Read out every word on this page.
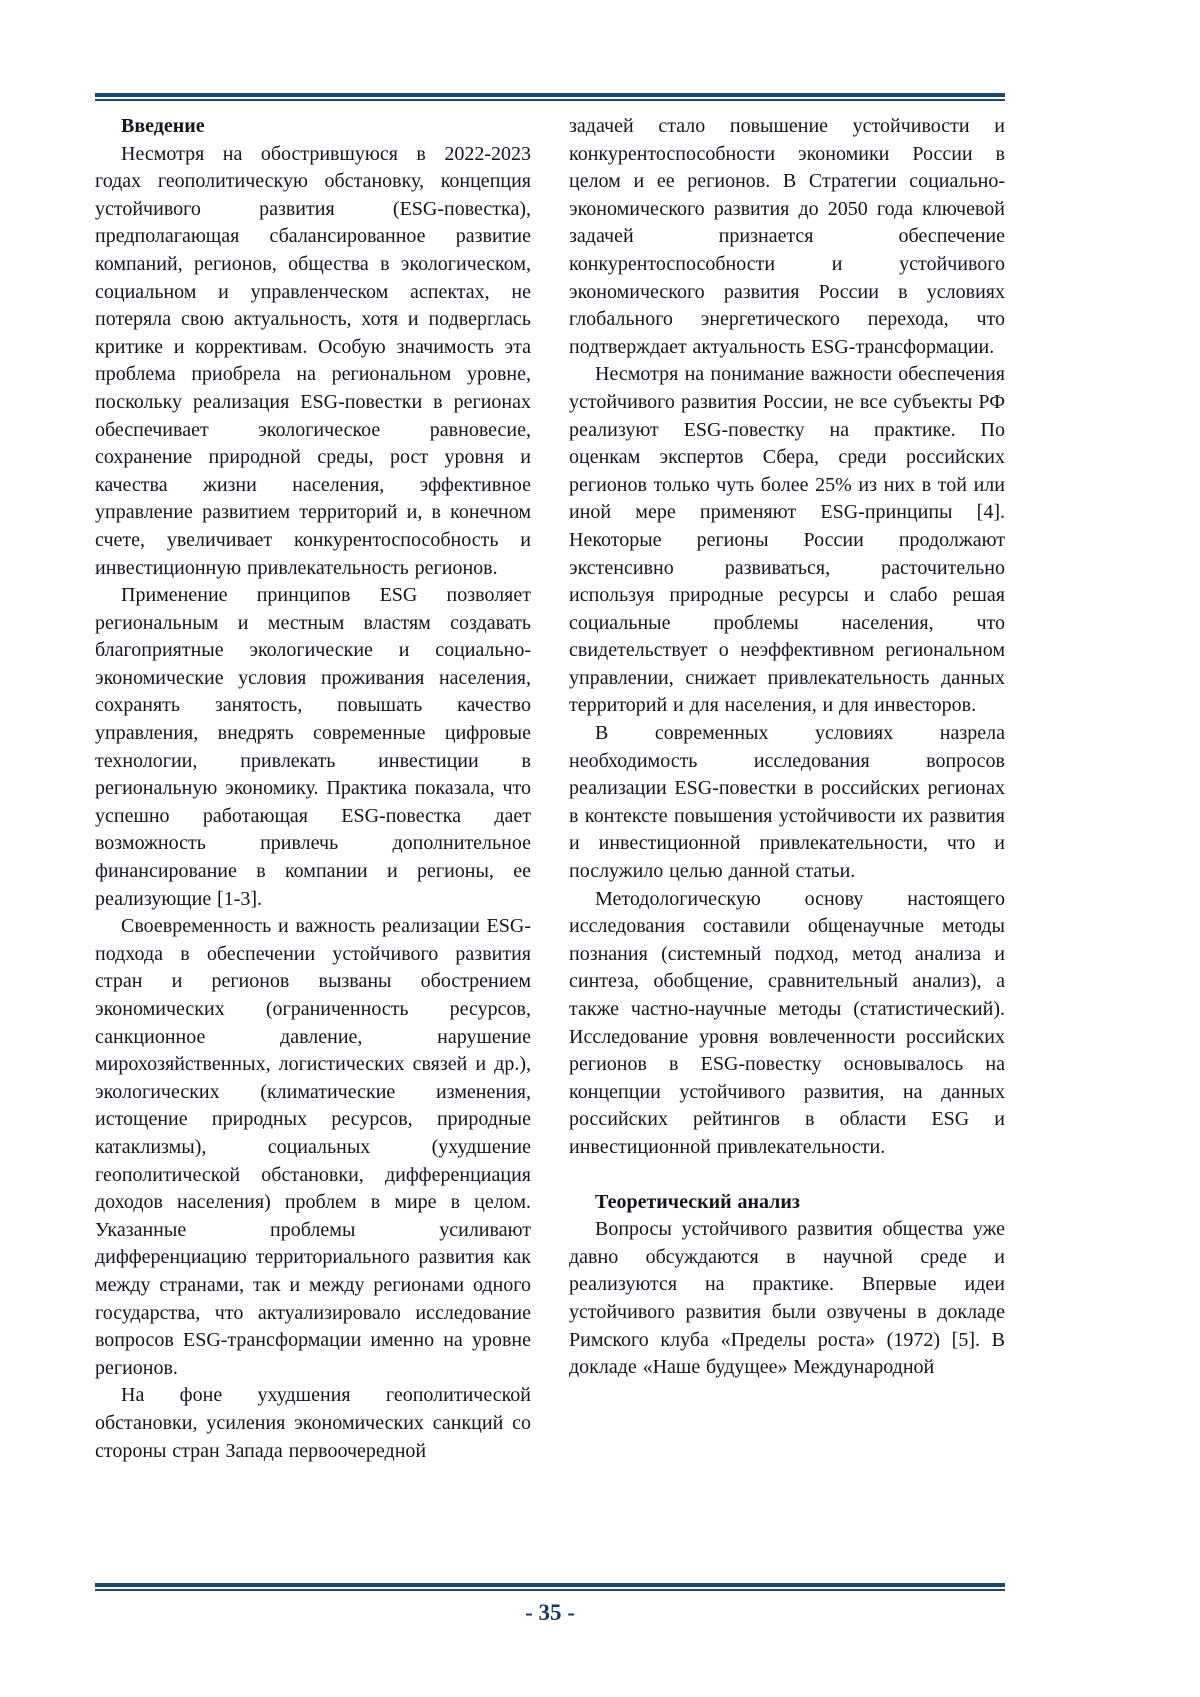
Введение

Несмотря на обострившуюся в 2022-2023 годах геополитическую обстановку, концепция устойчивого развития (ESG-повестка), предполагающая сбалансированное развитие компаний, регионов, общества в экологическом, социальном и управленческом аспектах, не потеряла свою актуальность, хотя и подверглась критике и коррективам. Особую значимость эта проблема приобрела на региональном уровне, поскольку реализация ESG-повестки в регионах обеспечивает экологическое равновесие, сохранение природной среды, рост уровня и качества жизни населения, эффективное управление развитием территорий и, в конечном счете, увеличивает конкурентоспособность и инвестиционную привлекательность регионов.

Применение принципов ESG позволяет региональным и местным властям создавать благоприятные экологические и социально-экономические условия проживания населения, сохранять занятость, повышать качество управления, внедрять современные цифровые технологии, привлекать инвестиции в региональную экономику. Практика показала, что успешно работающая ESG-повестка дает возможность привлечь дополнительное финансирование в компании и регионы, ее реализующие [1-3].

Своевременность и важность реализации ESG-подхода в обеспечении устойчивого развития стран и регионов вызваны обострением экономических (ограниченность ресурсов, санкционное давление, нарушение мирохозяйственных, логистических связей и др.), экологических (климатические изменения, истощение природных ресурсов, природные катаклизмы), социальных (ухудшение геополитической обстановки, дифференциация доходов населения) проблем в мире в целом. Указанные проблемы усиливают дифференциацию территориального развития как между странами, так и между регионами одного государства, что актуализировало исследование вопросов ESG-трансформации именно на уровне регионов.

На фоне ухудшения геополитической обстановки, усиления экономических санкций со стороны стран Запада первоочередной

задачей стало повышение устойчивости и конкурентоспособности экономики России в целом и ее регионов. В Стратегии социально-экономического развития до 2050 года ключевой задачей признается обеспечение конкурентоспособности и устойчивого экономического развития России в условиях глобального энергетического перехода, что подтверждает актуальность ESG-трансформации.

Несмотря на понимание важности обеспечения устойчивого развития России, не все субъекты РФ реализуют ESG-повестку на практике. По оценкам экспертов Сбера, среди российских регионов только чуть более 25% из них в той или иной мере применяют ESG-принципы [4]. Некоторые регионы России продолжают экстенсивно развиваться, расточительно используя природные ресурсы и слабо решая социальные проблемы населения, что свидетельствует о неэффективном региональном управлении, снижает привлекательность данных территорий и для населения, и для инвесторов.

В современных условиях назрела необходимость исследования вопросов реализации ESG-повестки в российских регионах в контексте повышения устойчивости их развития и инвестиционной привлекательности, что и послужило целью данной статьи.

Методологическую основу настоящего исследования составили общенаучные методы познания (системный подход, метод анализа и синтеза, обобщение, сравнительный анализ), а также частно-научные методы (статистический). Исследование уровня вовлеченности российских регионов в ESG-повестку основывалось на концепции устойчивого развития, на данных российских рейтингов в области ESG и инвестиционной привлекательности.

Теоретический анализ

Вопросы устойчивого развития общества уже давно обсуждаются в научной среде и реализуются на практике. Впервые идеи устойчивого развития были озвучены в докладе Римского клуба «Пределы роста» (1972) [5]. В докладе «Наше будущее» Международной

- 35 -
